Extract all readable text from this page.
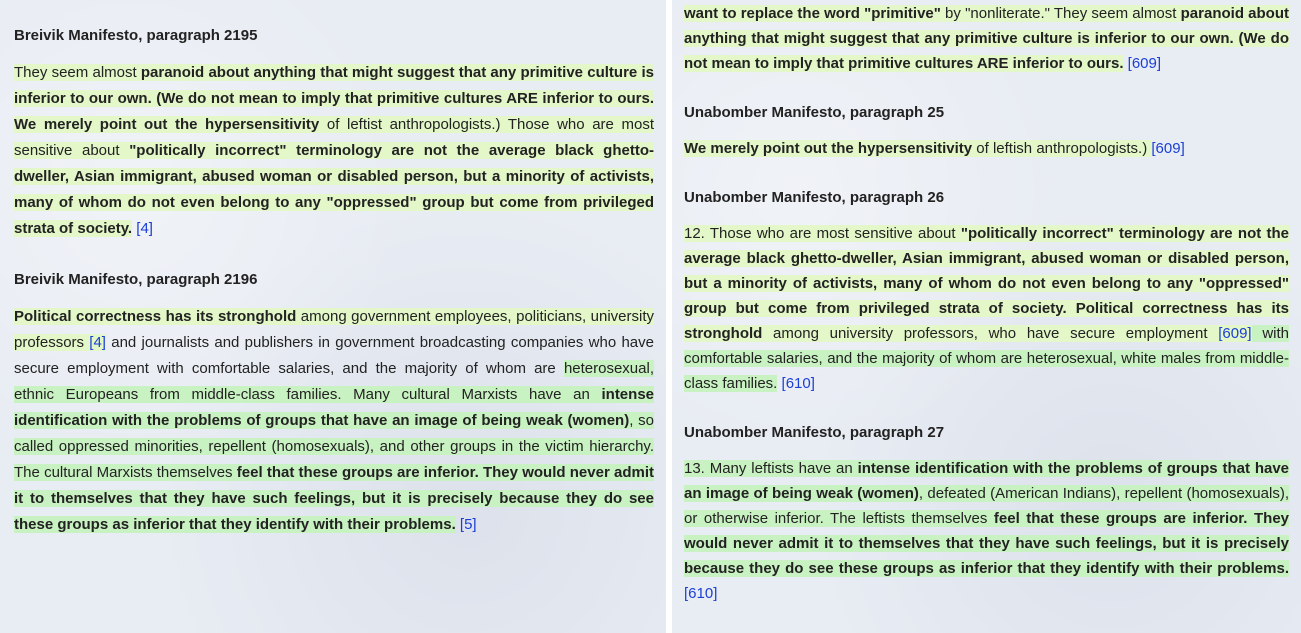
Breivik Manifesto, paragraph 2195

They seem almost paranoid about anything that might suggest that any primitive culture is inferior to our own. (We do not mean to imply that primitive cultures ARE inferior to ours. We merely point out the hypersensitivity of leftist anthropologists.) Those who are most sensitive about "politically incorrect" terminology are not the average black ghetto-dweller, Asian immigrant, abused woman or disabled person, but a minority of activists, many of whom do not even belong to any "oppressed" group but come from privileged strata of society. [4]

Breivik Manifesto, paragraph 2196

Political correctness has its stronghold among government employees, politicians, university professors [4] and journalists and publishers in government broadcasting companies who have secure employment with comfortable salaries, and the majority of whom are heterosexual, ethnic Europeans from middle-class families. Many cultural Marxists have an intense identification with the problems of groups that have an image of being weak (women), so called oppressed minorities, repellent (homosexuals), and other groups in the victim hierarchy. The cultural Marxists themselves feel that these groups are inferior. They would never admit it to themselves that they have such feelings, but it is precisely because they do see these groups as inferior that they identify with their problems. [5]

want to replace the word "primitive" by "nonliterate." They seem almost paranoid about anything that might suggest that any primitive culture is inferior to our own. (We do not mean to imply that primitive cultures ARE inferior to ours. [609]

Unabomber Manifesto, paragraph 25

We merely point out the hypersensitivity of leftish anthropologists.) [609]

Unabomber Manifesto, paragraph 26

12. Those who are most sensitive about "politically incorrect" terminology are not the average black ghetto-dweller, Asian immigrant, abused woman or disabled person, but a minority of activists, many of whom do not even belong to any "oppressed" group but come from privileged strata of society. Political correctness has its stronghold among university professors, who have secure employment [609] with comfortable salaries, and the majority of whom are heterosexual, white males from middle-class families. [610]

Unabomber Manifesto, paragraph 27

13. Many leftists have an intense identification with the problems of groups that have an image of being weak (women), defeated (American Indians), repellent (homosexuals), or otherwise inferior. The leftists themselves feel that these groups are inferior. They would never admit it to themselves that they have such feelings, but it is precisely because they do see these groups as inferior that they identify with their problems. [610]
